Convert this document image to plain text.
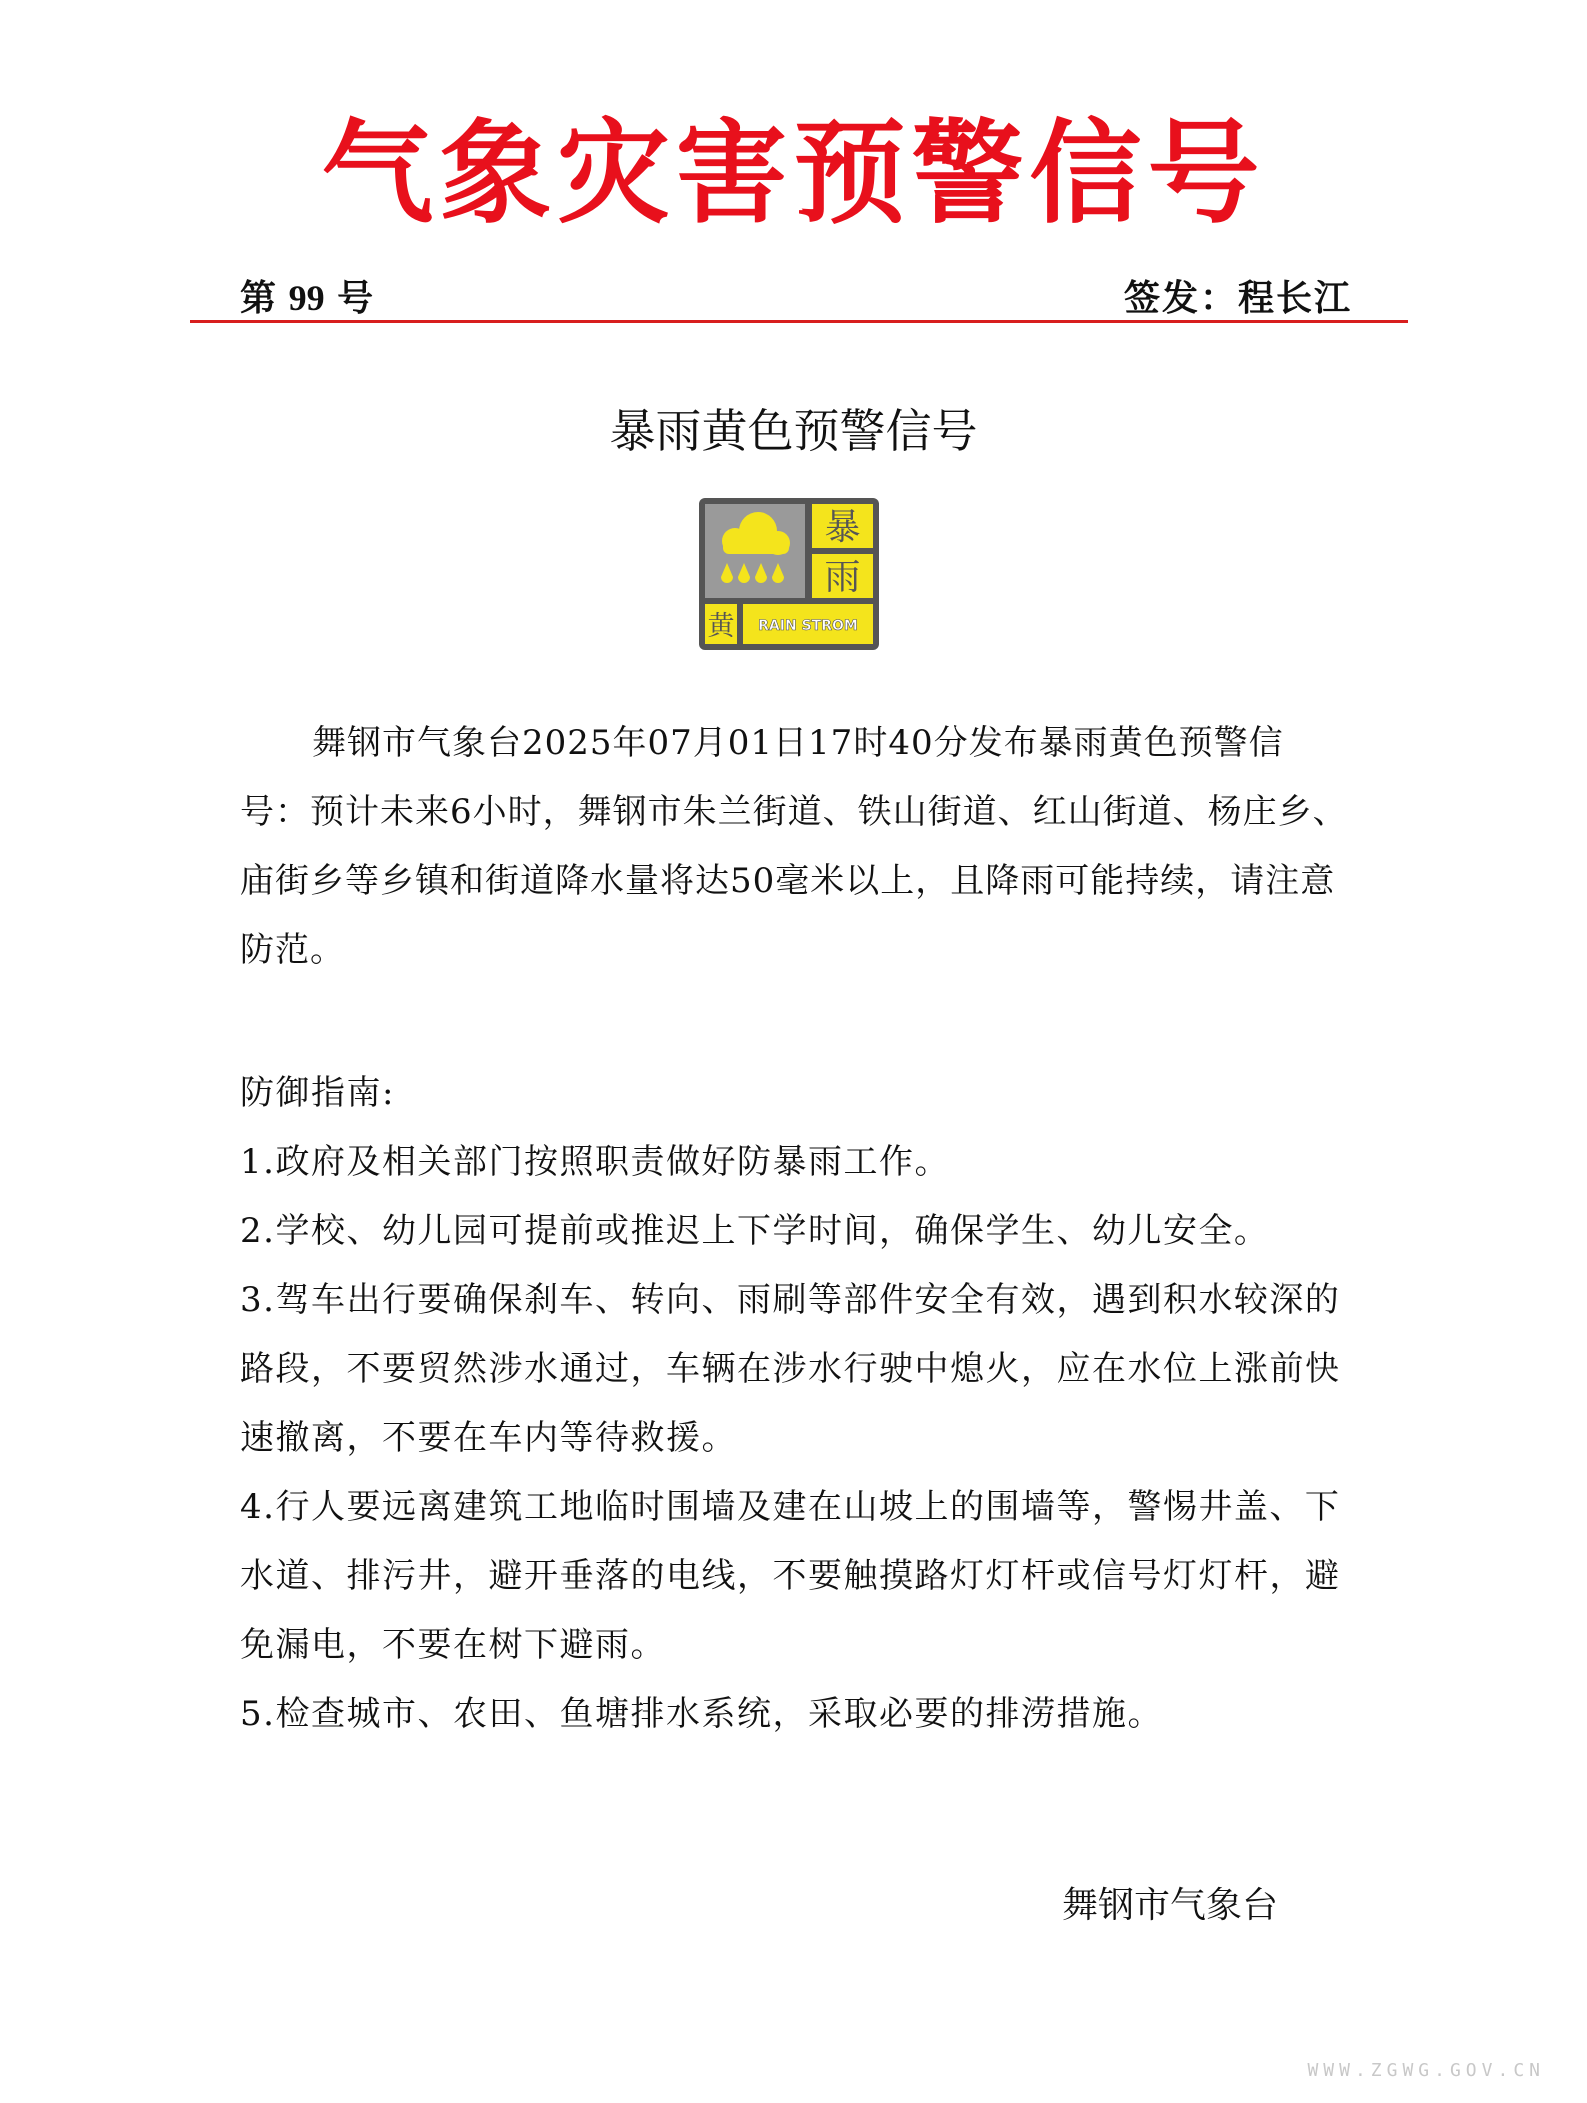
气象灾害预警信号
第 99 号	签发：程长江
暴雨黄色预警信号
暴
雨
黄 RAIN STROM

舞钢市气象台2025年07月01日17时40分发布暴雨黄色预警信号：预计未来6小时，舞钢市朱兰街道、铁山街道、红山街道、杨庄乡、庙街乡等乡镇和街道降水量将达50毫米以上，且降雨可能持续，请注意防范。

防御指南:

1.政府及相关部门按照职责做好防暴雨工作。

2.学校、幼儿园可提前或推迟上下学时间，确保学生、幼儿安全。

3.驾车出行要确保刹车、转向、雨刷等部件安全有效，遇到积水较深的路段，不要贸然涉水通过，车辆在涉水行驶中熄火，应在水位上涨前快速撤离，不要在车内等待救援。

4.行人要远离建筑工地临时围墙及建在山坡上的围墙等，警惕井盖、下水道、排污井，避开垂落的电线，不要触摸路灯灯杆或信号灯灯杆，避免漏电，不要在树下避雨。

5.检查城市、农田、鱼塘排水系统，采取必要的排涝措施。

舞钢市气象台
WWW.ZGWG.GOV.CN
